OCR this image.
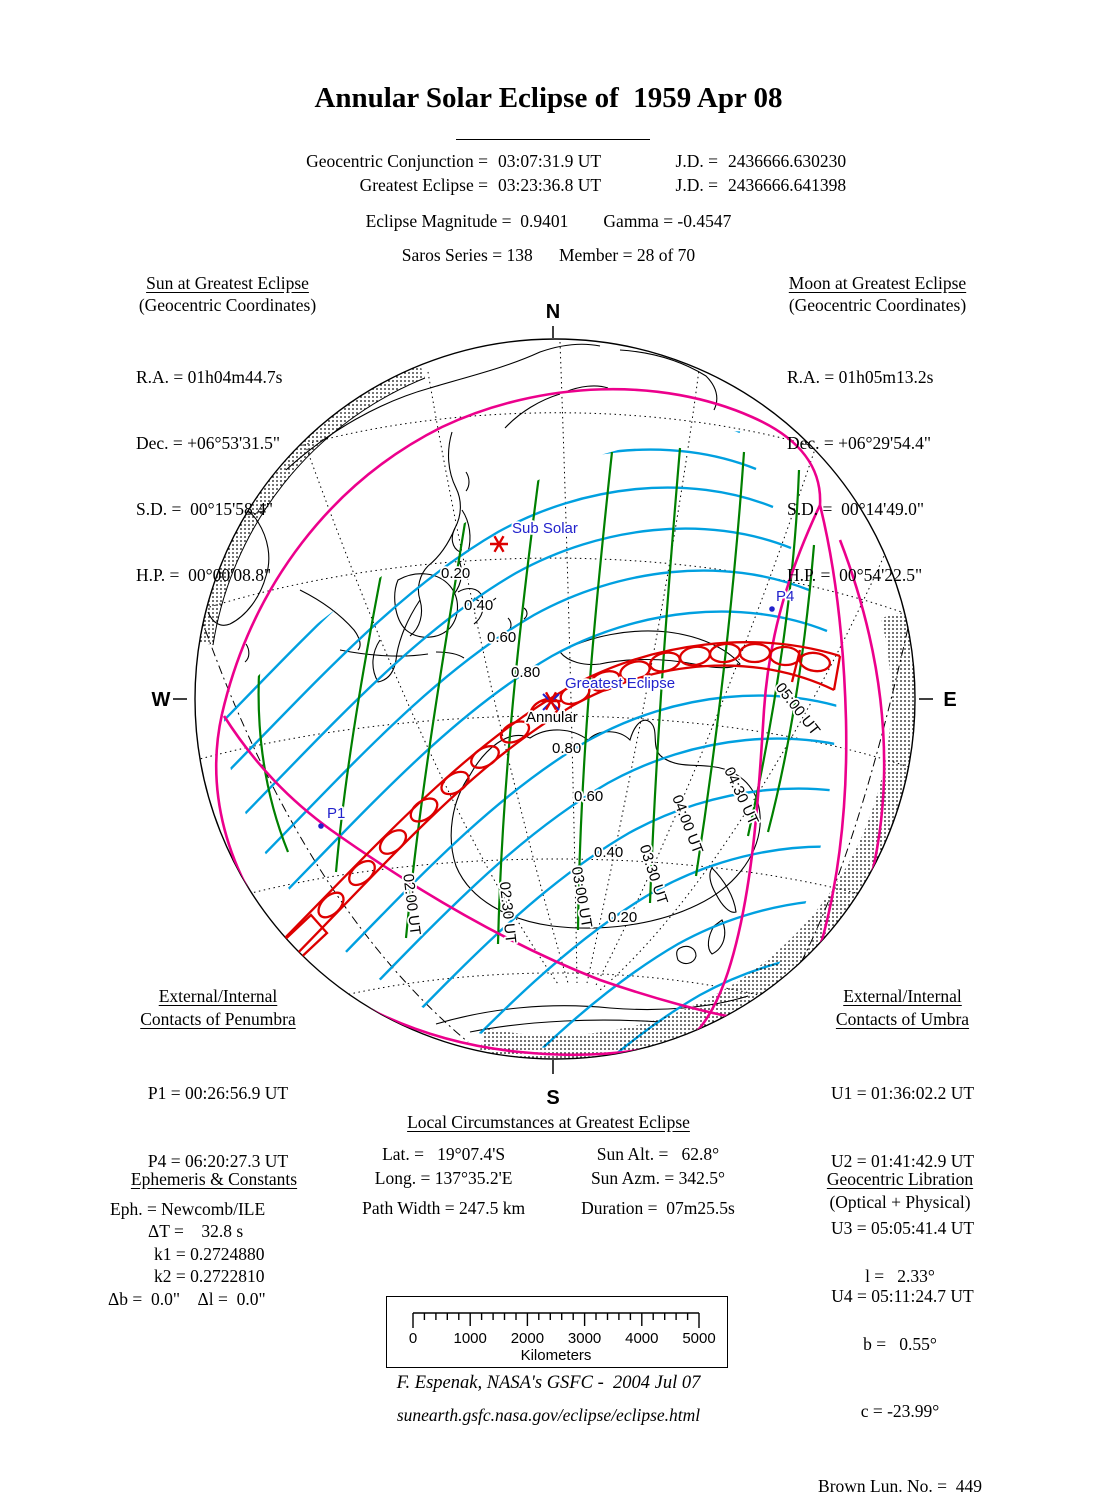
Sub Solar
Greatest Eclipse
P1
P4
Annular
0.20
0.40
0.60
0.80
0.80
0.60
0.40
0.20
02:00 UT	02:30 UT	03:00 UT	03:30 UT
04:00 UT 04:30 UT
05:00 UT
N
S
W	E
Annular Solar Eclipse of  1959 Apr 08
Geocentric Conjunction = 03:07:31.9 UT	J.D. = 2436666.630230
Greatest Eclipse = 03:23:36.8 UT	J.D. = 2436666.641398
Eclipse Magnitude =  0.9401        Gamma = -0.4547
Saros Series = 138      Member = 28 of 70
Sun at Greatest Eclipse
(Geocentric Coordinates)

R.A. = 01h04m44.7s

Dec. = +06°53'31.5"

S.D. =  00°15'58.4"

H.P. =  00°00'08.8"

Moon at Greatest Eclipse
(Geocentric Coordinates)

R.A. = 01h05m13.2s

Dec. = +06°29'54.4"

S.D. =  00°14'49.0"

H.P. =  00°54'22.5"

External/Internal
Contacts of Penumbra

P1 = 00:26:56.9 UT

P4 = 06:20:27.3 UT

External/Internal
Contacts of Umbra

U1 = 01:36:02.2 UT

U2 = 01:41:42.9 UT

U3 = 05:05:41.4 UT

U4 = 05:11:24.7 UT

Local Circumstances at Greatest Eclipse
Lat. =   19°07.4'S	Sun Alt. =   62.8°
Long. = 137°35.2'E	Sun Azm. = 342.5°
Path Width = 247.5 km	Duration =  07m25.5s
Ephemeris & Constants
Eph. = Newcomb/ILE
ΔT =    32.8 s
k1 = 0.2724880
k2 = 0.2722810
Δb =  0.0"    Δl =  0.0"
Geocentric Libration
(Optical + Physical)

l =   2.33°

b =   0.55°

c = -23.99°

Brown Lun. No. =  449
0 1000 2000 3000 4000 5000
Kilometers
F. Espenak, NASA's GSFC -  2004 Jul 07
sunearth.gsfc.nasa.gov/eclipse/eclipse.html
